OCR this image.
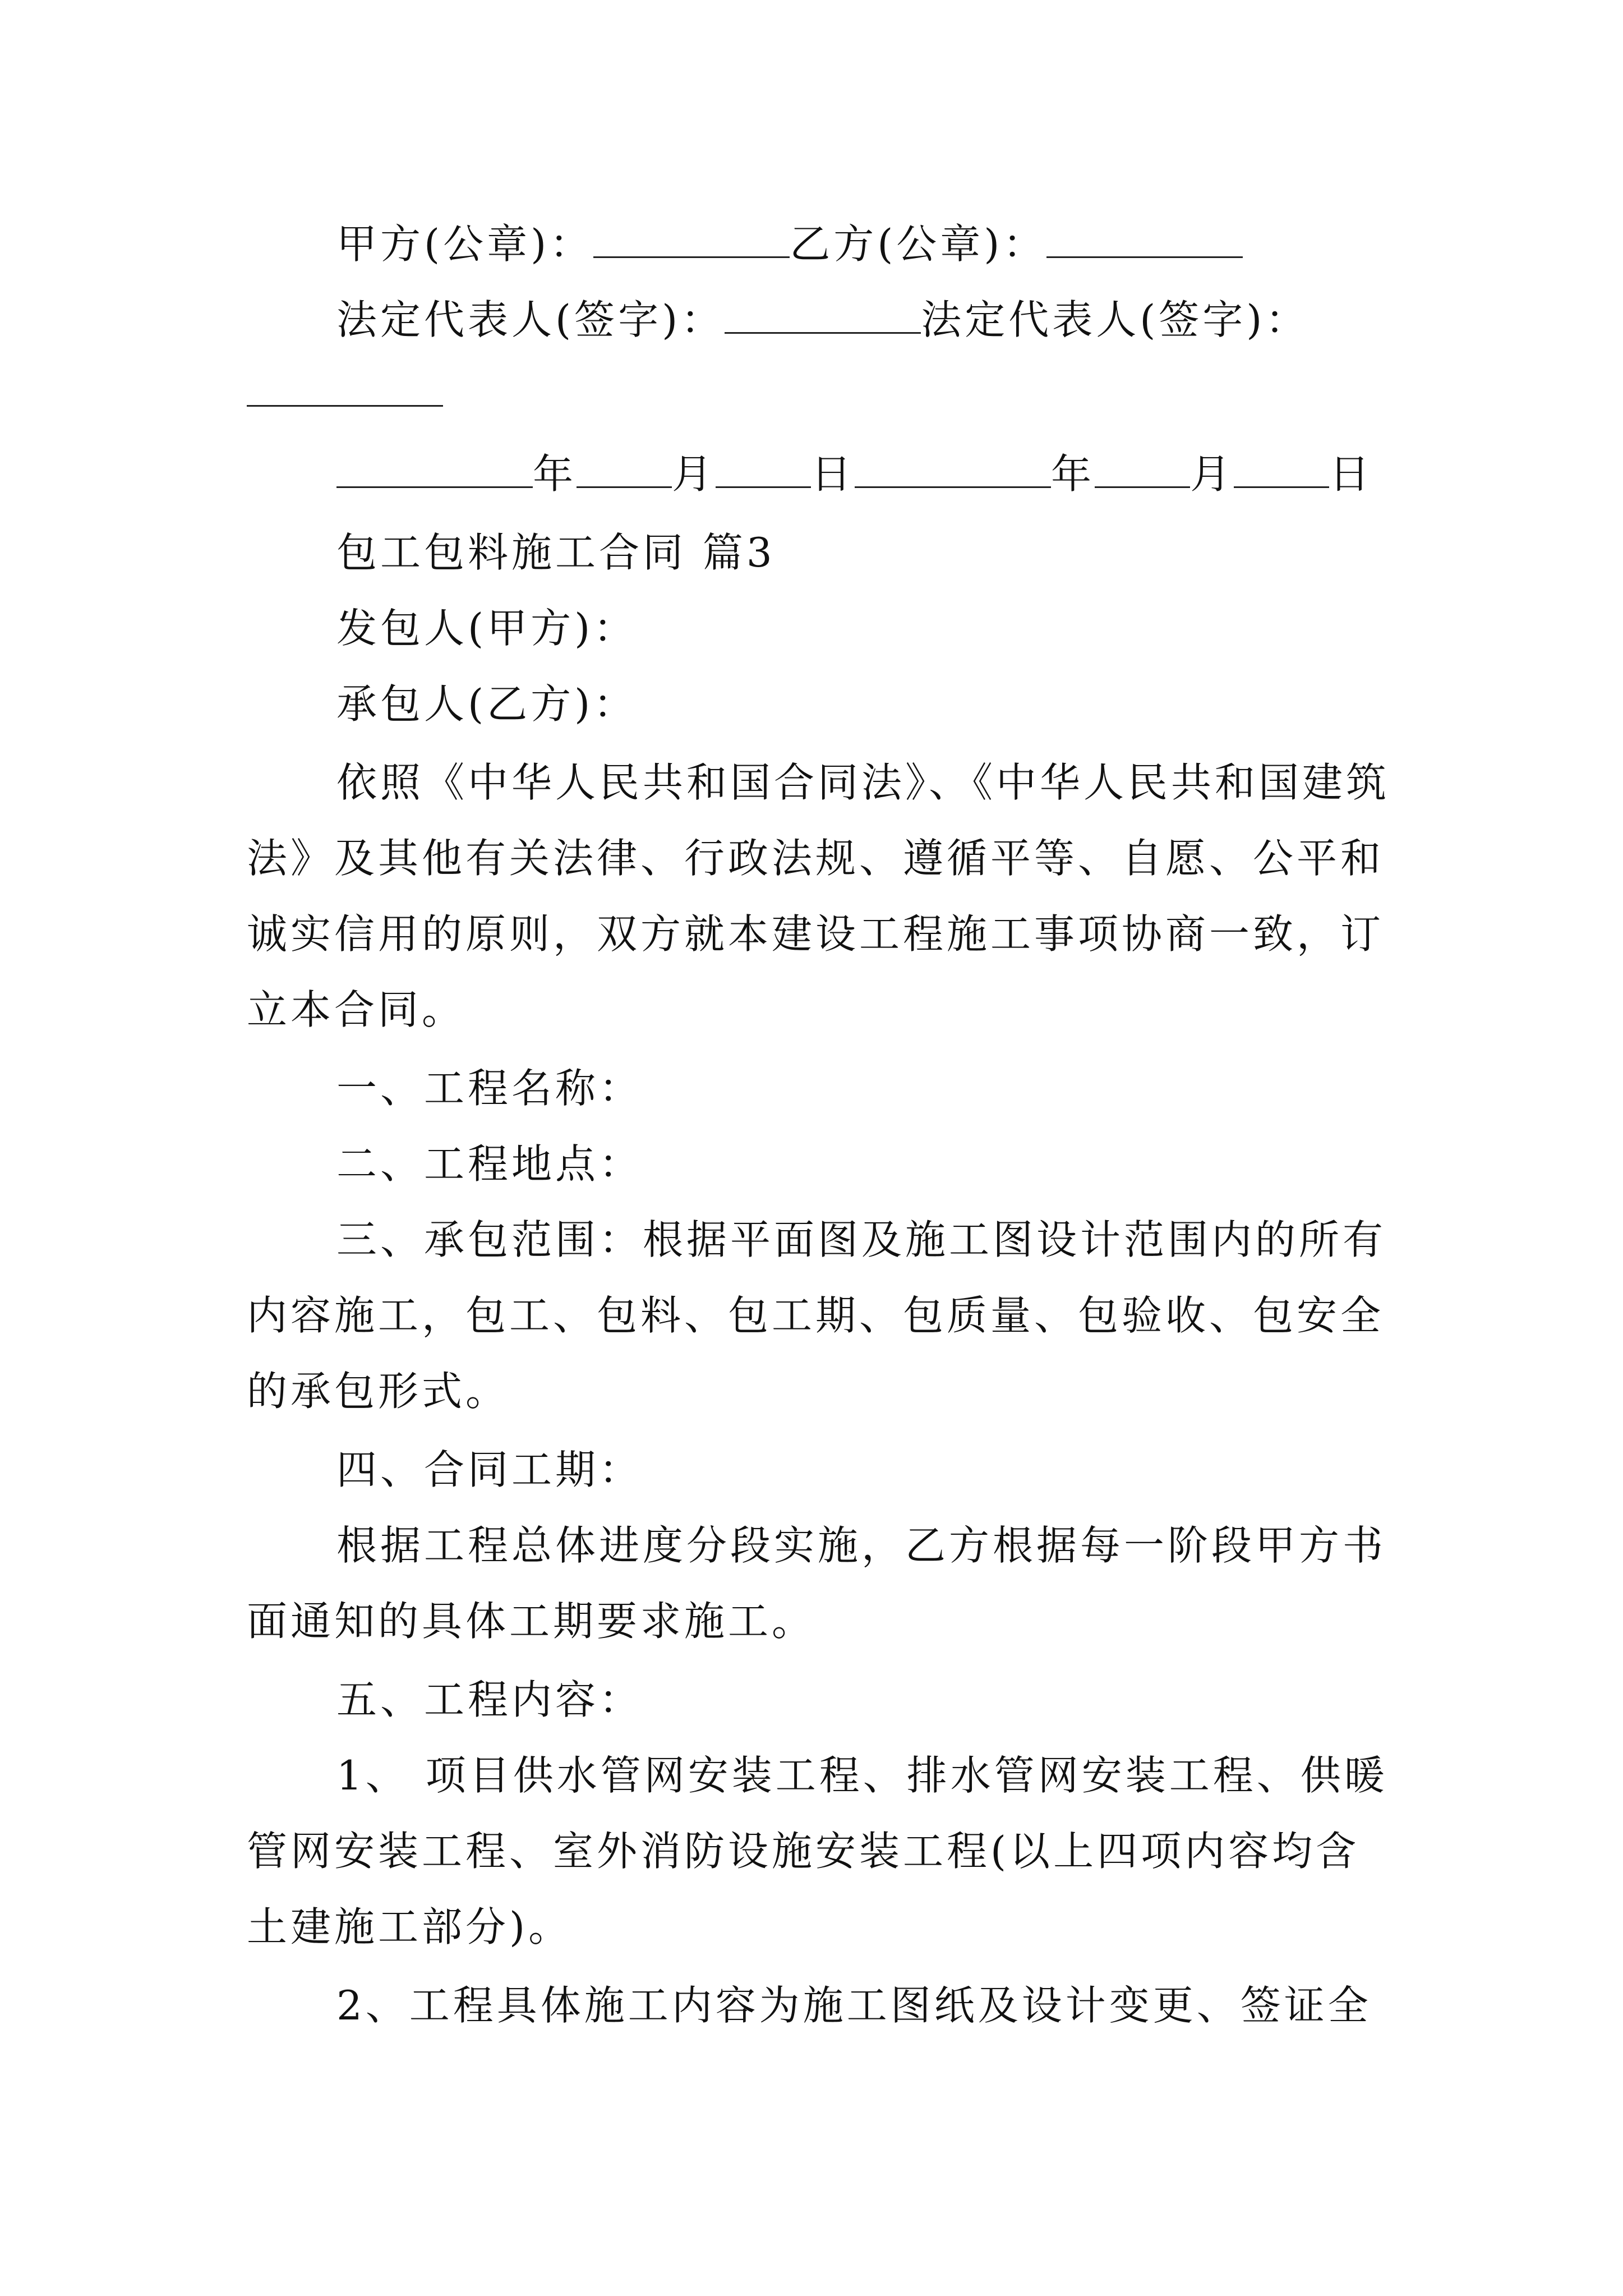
甲方(公章)：	乙方(公章)：
法定代表人(签字)：	法定代表人(签字)：
年 月 日	年 月 日
包工包料施工合同 篇3
发包人(甲方)：
承包人(乙方)：
依照《中华人民共和国合同法》、《中华人民共和国建筑
法》及其他有关法律、行政法规、遵循平等、自愿、公平和
诚实信用的原则，双方就本建设工程施工事项协商一致，订
立本合同。
一、工程名称：
二、工程地点：
三、承包范围：根据平面图及施工图设计范围内的所有
内容施工，包工、包料、包工期、包质量、包验收、包安全
的承包形式。
四、合同工期：
根据工程总体进度分段实施，乙方根据每一阶段甲方书
面通知的具体工期要求施工。
五、工程内容：
1、 项目供水管网安装工程、排水管网安装工程、供暖
管网安装工程、室外消防设施安装工程(以上四项内容均含
土建施工部分)。
2、工程具体施工内容为施工图纸及设计变更、签证全
